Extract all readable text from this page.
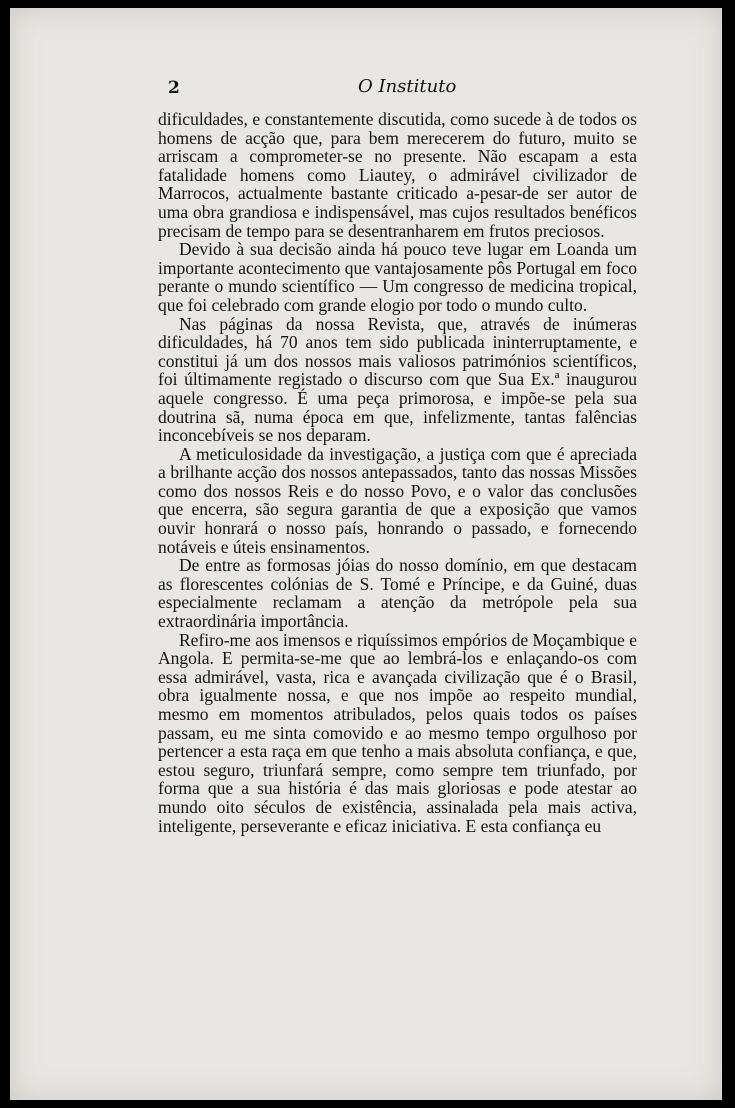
2	O Instituto

dificuldades, e constantemente discutida, como sucede à de todos os homens de acção que, para bem merecerem do futuro, muito se arriscam a comprometer-se no presente. Não escapam a esta fatalidade homens como Liautey, o admirável civilizador de Marrocos, actualmente bastante criticado a-pesar-de ser autor de uma obra grandiosa e indispensável, mas cujos resultados benéficos precisam de tempo para se desentranharem em frutos preciosos.

Devido à sua decisão ainda há pouco teve lugar em Loanda um importante acontecimento que vantajosamente pôs Portugal em foco perante o mundo scientífico — Um congresso de medicina tropical, que foi celebrado com grande elogio por todo o mundo culto.

Nas páginas da nossa Revista, que, através de inúmeras dificuldades, há 70 anos tem sido publicada ininterruptamente, e constitui já um dos nossos mais valiosos patrimónios scientíficos, foi últimamente registado o discurso com que Sua Ex.ª inaugurou aquele congresso. É uma peça primorosa, e impõe-se pela sua doutrina sã, numa época em que, infelizmente, tantas falências inconcebíveis se nos deparam.

A meticulosidade da investigação, a justiça com que é apreciada a brilhante acção dos nossos antepassados, tanto das nossas Missões como dos nossos Reis e do nosso Povo, e o valor das conclusões que encerra, são segura garantia de que a exposição que vamos ouvir honrará o nosso país, honrando o passado, e fornecendo notáveis e úteis ensinamentos.

De entre as formosas jóias do nosso domínio, em que destacam as florescentes colónias de S. Tomé e Príncipe, e da Guiné, duas especialmente reclamam a atenção da metrópole pela sua extraordinária importância.

Refiro-me aos imensos e riquíssimos empórios de Moçambique e Angola. E permita-se-me que ao lembrá-los e enlaçando-os com essa admirável, vasta, rica e avançada civilização que é o Brasil, obra igualmente nossa, e que nos impõe ao respeito mundial, mesmo em momentos atribulados, pelos quais todos os países passam, eu me sinta comovido e ao mesmo tempo orgulhoso por pertencer a esta raça em que tenho a mais absoluta confiança, e que, estou seguro, triunfará sempre, como sempre tem triunfado, por forma que a sua história é das mais gloriosas e pode atestar ao mundo oito séculos de existência, assinalada pela mais activa, inteligente, perseverante e eficaz iniciativa. E esta confiança eu
